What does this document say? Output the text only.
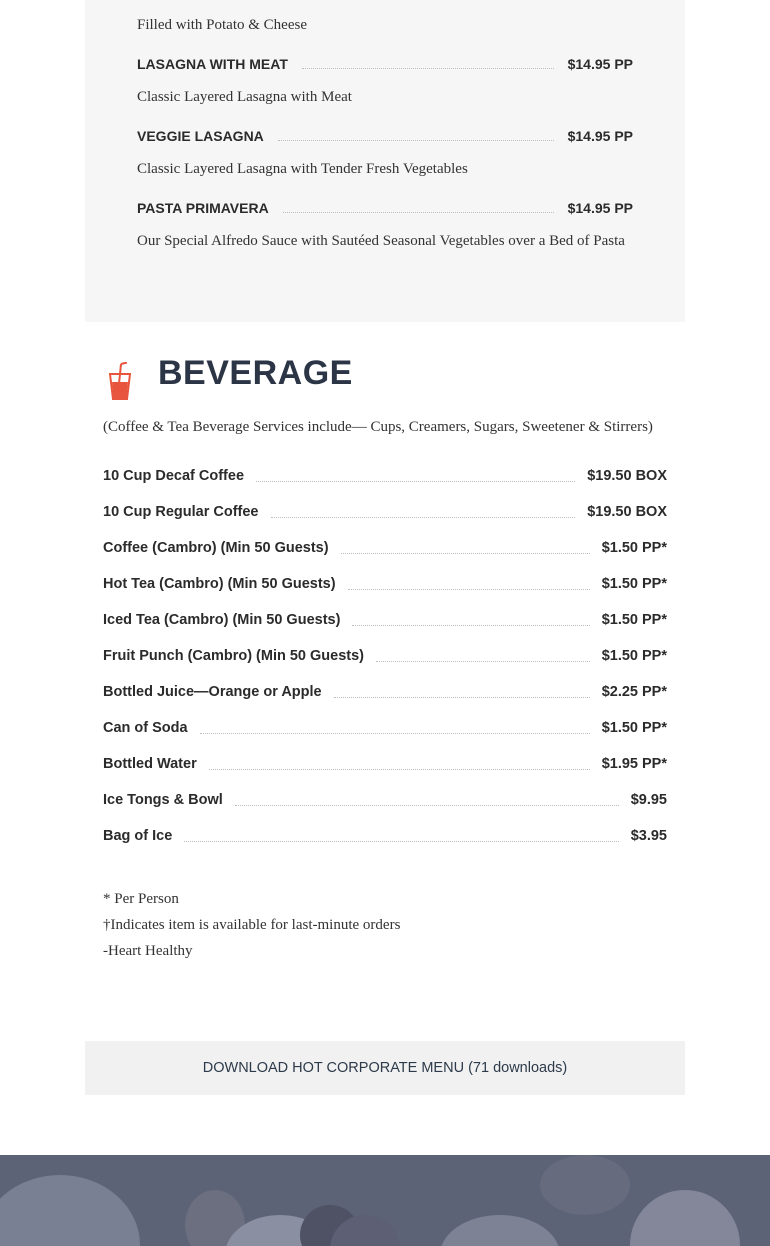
Filled with Potato & Cheese
LASAGNA WITH MEAT	$14.95 PP
Classic Layered Lasagna with Meat
VEGGIE LASAGNA	$14.95 PP
Classic Layered Lasagna with Tender Fresh Vegetables
PASTA PRIMAVERA	$14.95 PP
Our Special Alfredo Sauce with Sautéed Seasonal Vegetables over a Bed of Pasta
BEVERAGE
(Coffee & Tea Beverage Services include— Cups, Creamers, Sugars, Sweetener & Stirrers)
10 Cup Decaf Coffee	$19.50 BOX
10 Cup Regular Coffee	$19.50 BOX
Coffee (Cambro) (Min 50 Guests)	$1.50 PP*
Hot Tea (Cambro) (Min 50 Guests)	$1.50 PP*
Iced Tea (Cambro) (Min 50 Guests)	$1.50 PP*
Fruit Punch (Cambro) (Min 50 Guests)	$1.50 PP*
Bottled Juice—Orange or Apple	$2.25 PP*
Can of Soda	$1.50 PP*
Bottled Water	$1.95 PP*
Ice Tongs & Bowl	$9.95
Bag of Ice	$3.95
* Per Person
†Indicates item is available for last-minute orders
-Heart Healthy
DOWNLOAD HOT CORPORATE MENU (71 downloads)
